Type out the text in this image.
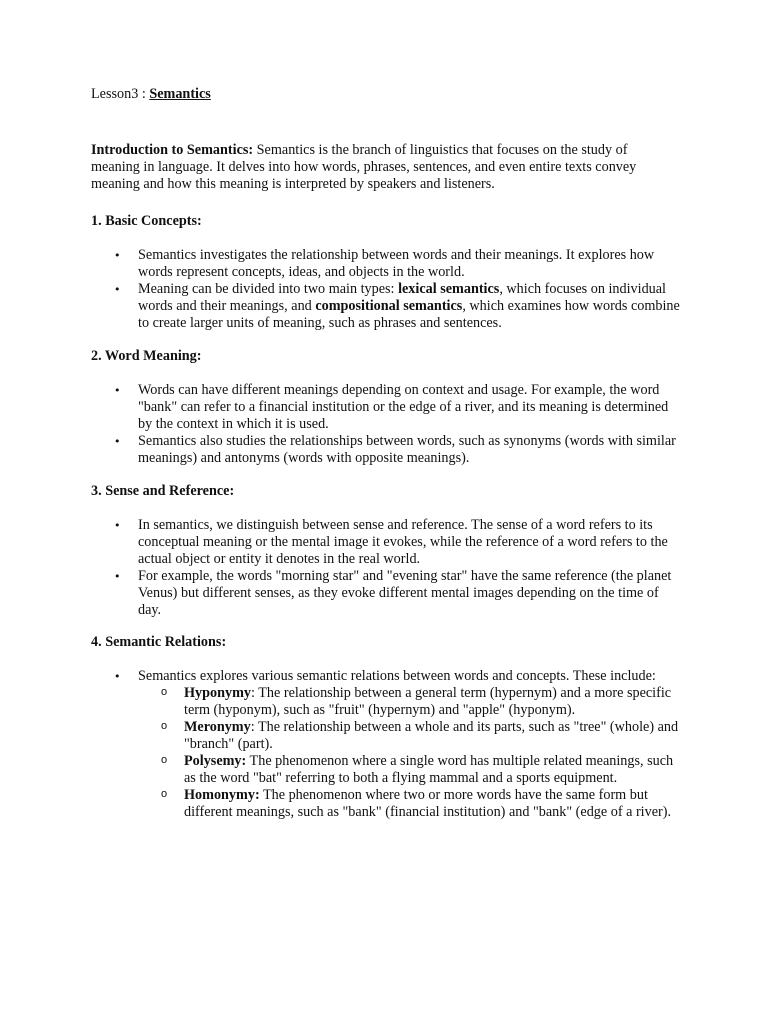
Lesson3 : Semantics
Introduction to Semantics: Semantics is the branch of linguistics that focuses on the study of meaning in language. It delves into how words, phrases, sentences, and even entire texts convey meaning and how this meaning is interpreted by speakers and listeners.
1. Basic Concepts:
• Semantics investigates the relationship between words and their meanings. It explores how words represent concepts, ideas, and objects in the world.
• Meaning can be divided into two main types: lexical semantics, which focuses on individual words and their meanings, and compositional semantics, which examines how words combine to create larger units of meaning, such as phrases and sentences.
2. Word Meaning:
• Words can have different meanings depending on context and usage. For example, the word "bank" can refer to a financial institution or the edge of a river, and its meaning is determined by the context in which it is used.
• Semantics also studies the relationships between words, such as synonyms (words with similar meanings) and antonyms (words with opposite meanings).
3. Sense and Reference:
• In semantics, we distinguish between sense and reference. The sense of a word refers to its conceptual meaning or the mental image it evokes, while the reference of a word refers to the actual object or entity it denotes in the real world.
• For example, the words "morning star" and "evening star" have the same reference (the planet Venus) but different senses, as they evoke different mental images depending on the time of day.
4. Semantic Relations:
• Semantics explores various semantic relations between words and concepts. These include:
o Hyponymy: The relationship between a general term (hypernym) and a more specific term (hyponym), such as "fruit" (hypernym) and "apple" (hyponym).
o Meronymy: The relationship between a whole and its parts, such as "tree" (whole) and "branch" (part).
o Polysemy: The phenomenon where a single word has multiple related meanings, such as the word "bat" referring to both a flying mammal and a sports equipment.
o Homonymy: The phenomenon where two or more words have the same form but different meanings, such as "bank" (financial institution) and "bank" (edge of a river).
